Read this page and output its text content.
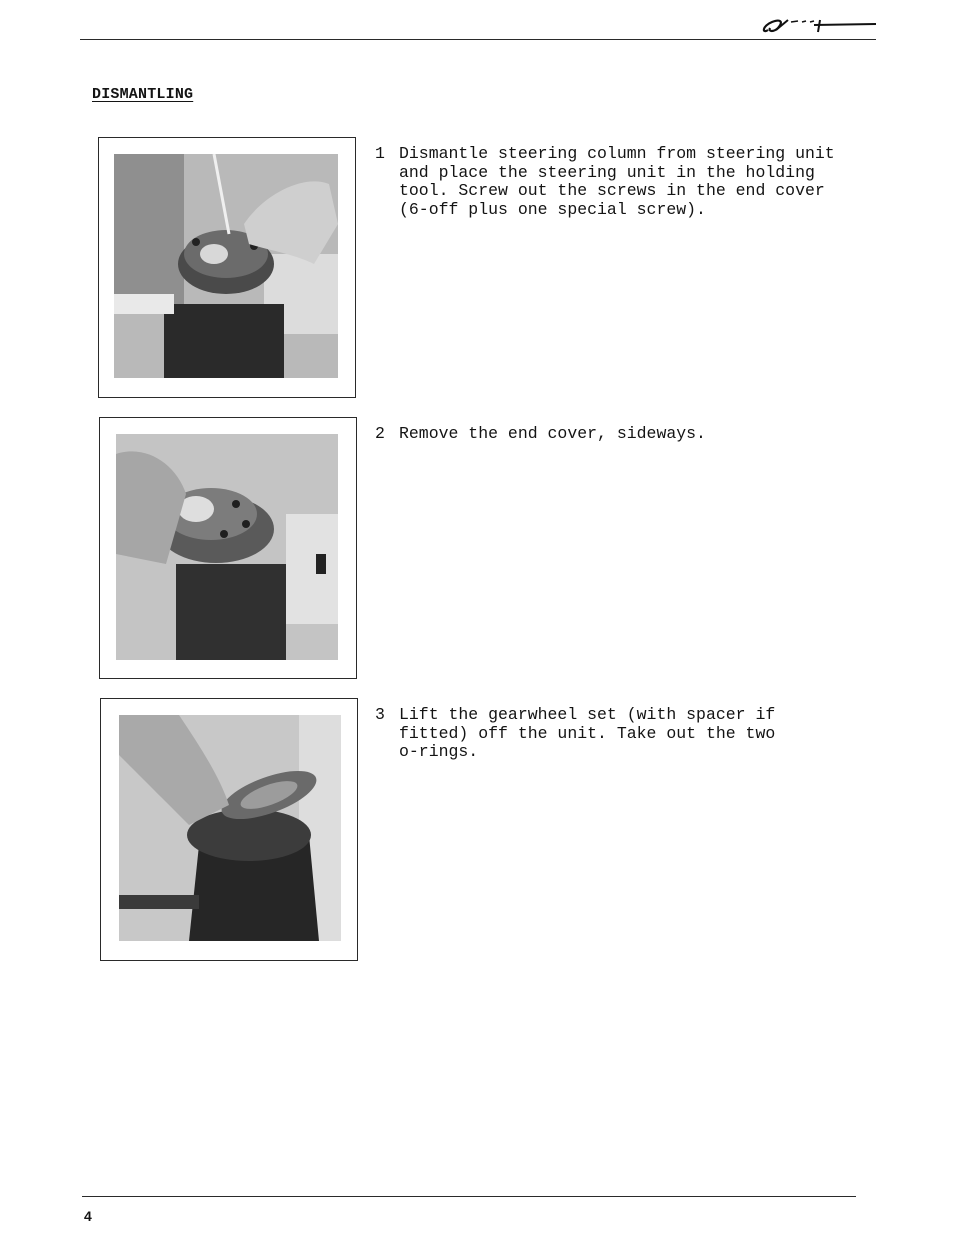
DISMANTLING
1 Dismantle steering column from steering unit
and place the steering unit in the holding
tool. Screw out the screws in the end cover
(6-off plus one special screw).
2 Remove the end cover, sideways.
3 Lift the gearwheel set (with spacer if
fitted) off the unit. Take out the two
o-rings.
4
